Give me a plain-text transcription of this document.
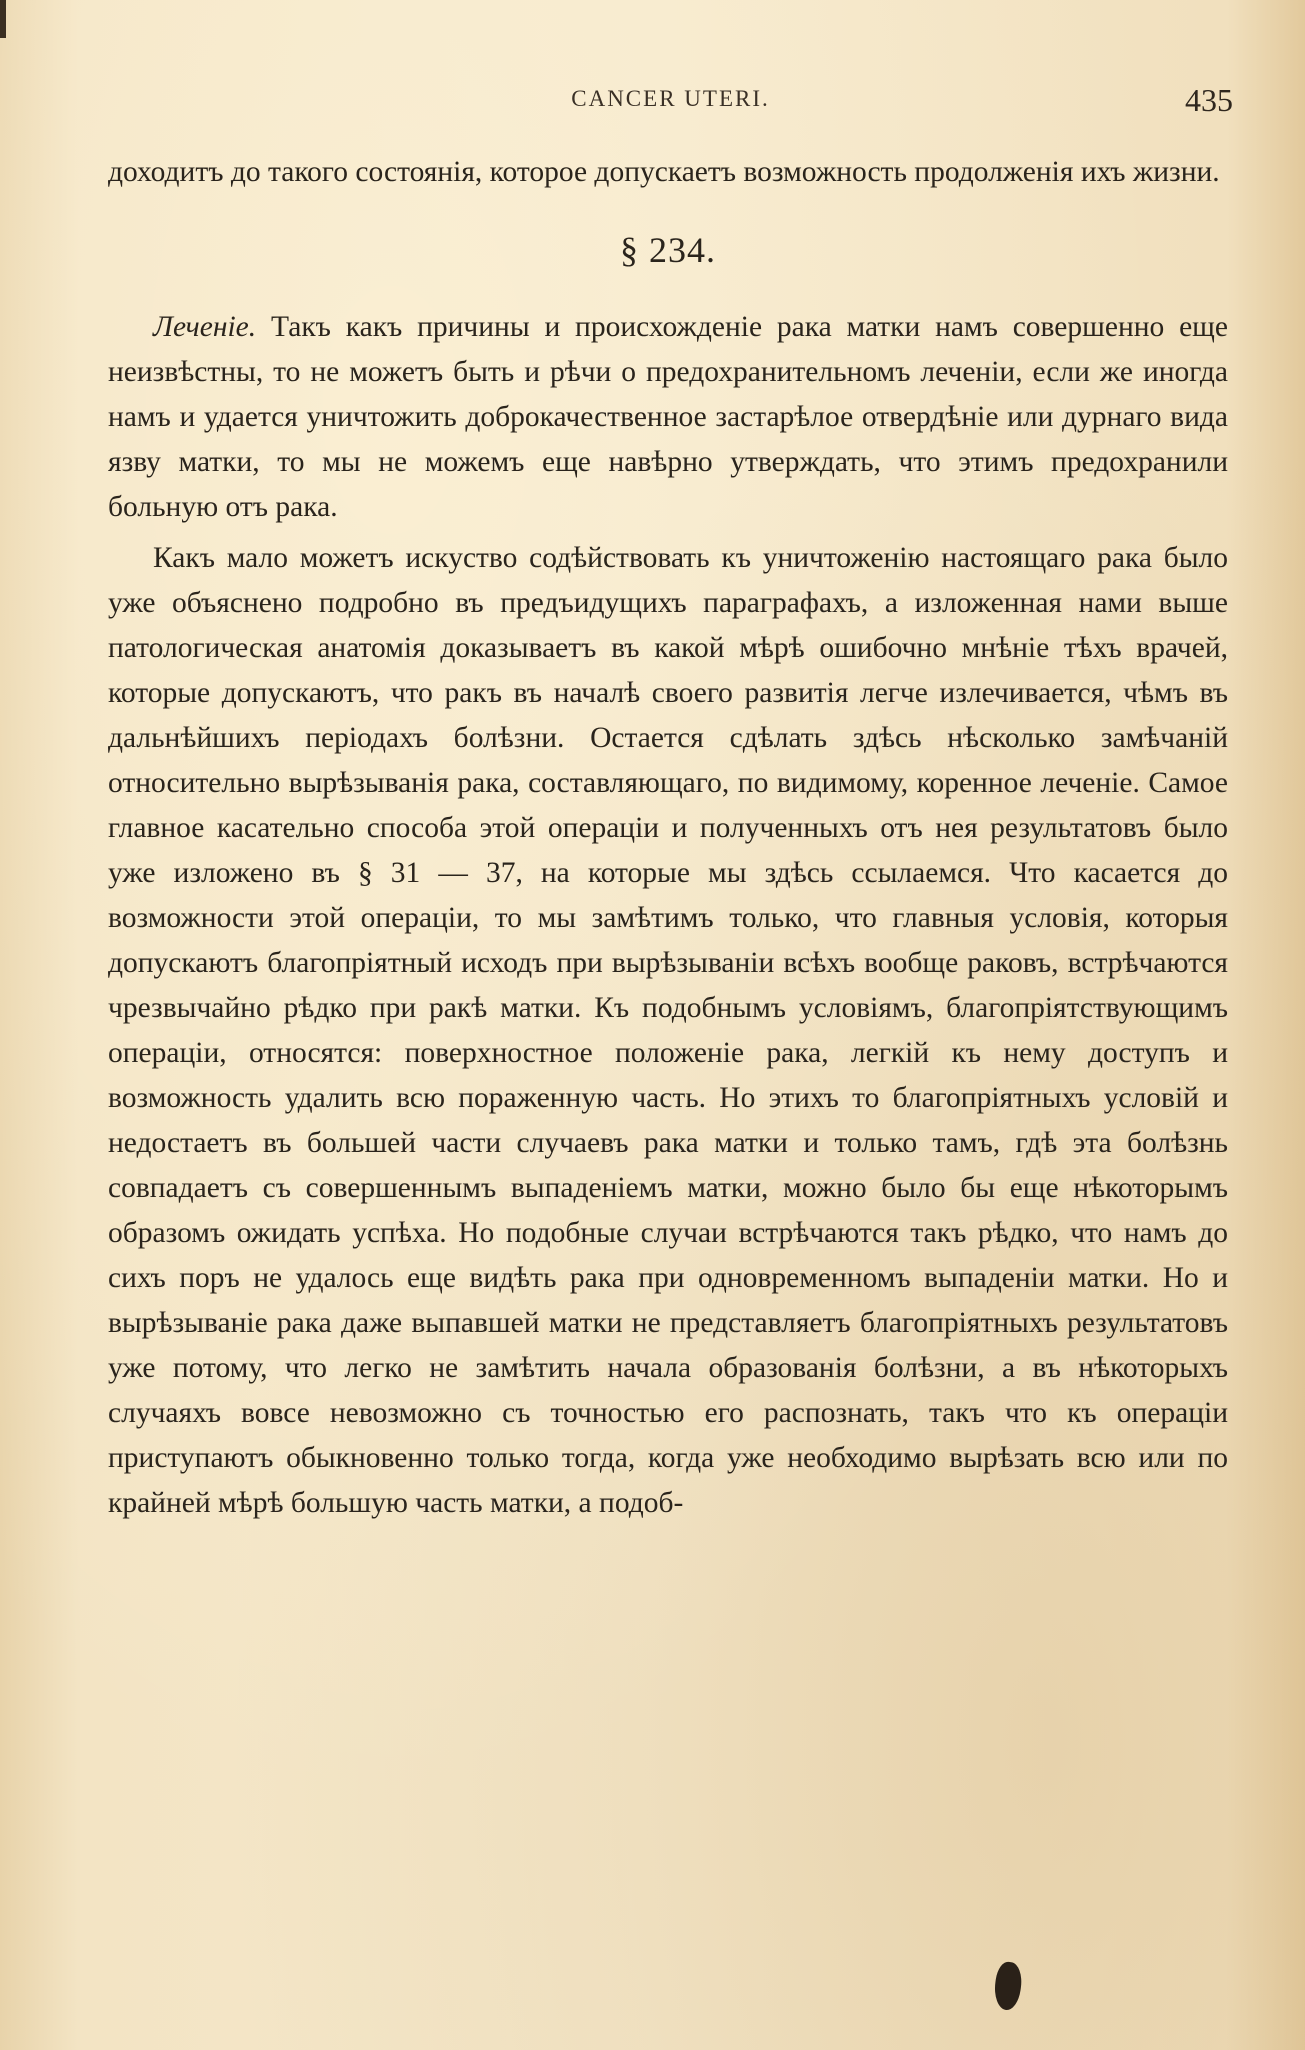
CANCER UTERI.	435

доходитъ до такого состоянія, которое допускаетъ возможность продолженія ихъ жизни.

§ 234.

Леченіе. Такъ какъ причины и происхожденіе рака матки намъ совершенно еще неизвѣстны, то не можетъ быть и рѣчи о предохранительномъ леченіи, если же иногда намъ и удается уничтожить доброкачественное застарѣлое отвердѣніе или дурнаго вида язву матки, то мы не можемъ еще навѣрно утверждать, что этимъ предохранили больную отъ рака.

Какъ мало можетъ искуство содѣйствовать къ уничтоженію настоящаго рака было уже объяснено подробно въ предъидущихъ параграфахъ, а изложенная нами выше патологическая анатомія доказываетъ въ какой мѣрѣ ошибочно мнѣніе тѣхъ врачей, которые допускаютъ, что ракъ въ началѣ своего развитія легче излечивается, чѣмъ въ дальнѣйшихъ періодахъ болѣзни. Остается сдѣлать здѣсь нѣсколько замѣчаній относительно вырѣзыванія рака, составляющаго, по видимому, коренное леченіе. Самое главное касательно способа этой операціи и полученныхъ отъ нея результатовъ было уже изложено въ § 31 — 37, на которые мы здѣсь ссылаемся. Что касается до возможности этой операціи, то мы замѣтимъ только, что главныя условія, которыя допускаютъ благопріятный исходъ при вырѣзываніи всѣхъ вообще раковъ, встрѣчаются чрезвычайно рѣдко при ракѣ матки. Къ подобнымъ условіямъ, благопріятствующимъ операціи, относятся: поверхностное положеніе рака, легкій къ нему доступъ и возможность удалить всю пораженную часть. Но этихъ то благопріятныхъ условій и недостаетъ въ большей части случаевъ рака матки и только тамъ, гдѣ эта болѣзнь совпадаетъ съ совершеннымъ выпаденіемъ матки, можно было бы еще нѣкоторымъ образомъ ожидать успѣха. Но подобные случаи встрѣчаются такъ рѣдко, что намъ до сихъ поръ не удалось еще видѣть рака при одновременномъ выпаденіи матки. Но и вырѣзываніе рака даже выпавшей матки не представляетъ благопріятныхъ результатовъ уже потому, что легко не замѣтить начала образованія болѣзни, а въ нѣкоторыхъ случаяхъ вовсе невозможно съ точностью его распознать, такъ что къ операціи приступаютъ обыкновенно только тогда, когда уже необходимо вырѣзать всю или по крайней мѣрѣ большую часть матки, а подоб-
